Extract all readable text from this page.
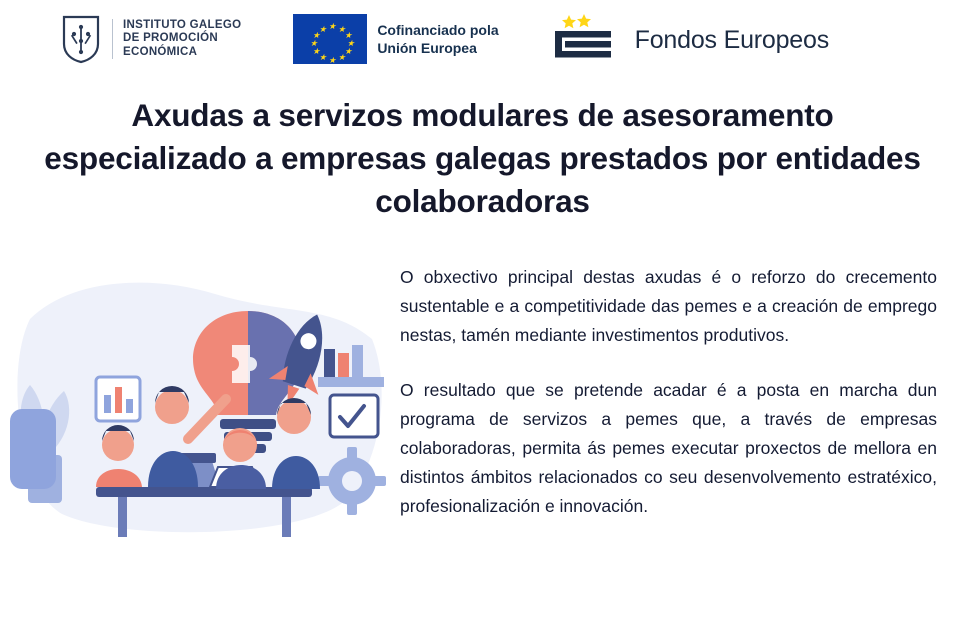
INSTITUTO GALEGO
DE PROMOCIÓN
ECONÓMICA
★ ★
★
★
★
★
★
★
★
★
★
★	Cofinanciado pola
Unión Europea	Fondos Europeos
Axudas a servizos modulares de asesoramento especializado a empresas galegas prestados por entidades colaboradoras

O obxectivo principal destas axudas é o reforzo do crecemento sustentable e a competitividade das pemes e a creación de emprego nestas, tamén mediante investimentos produtivos.

O resultado que se pretende acadar é a posta en marcha dun programa de servizos a pemes que, a través de empresas colaboradoras, permita ás pemes executar proxectos de mellora en distintos ámbitos relacionados co seu desenvolvemento estratéxico, profesionalización e innovación.
